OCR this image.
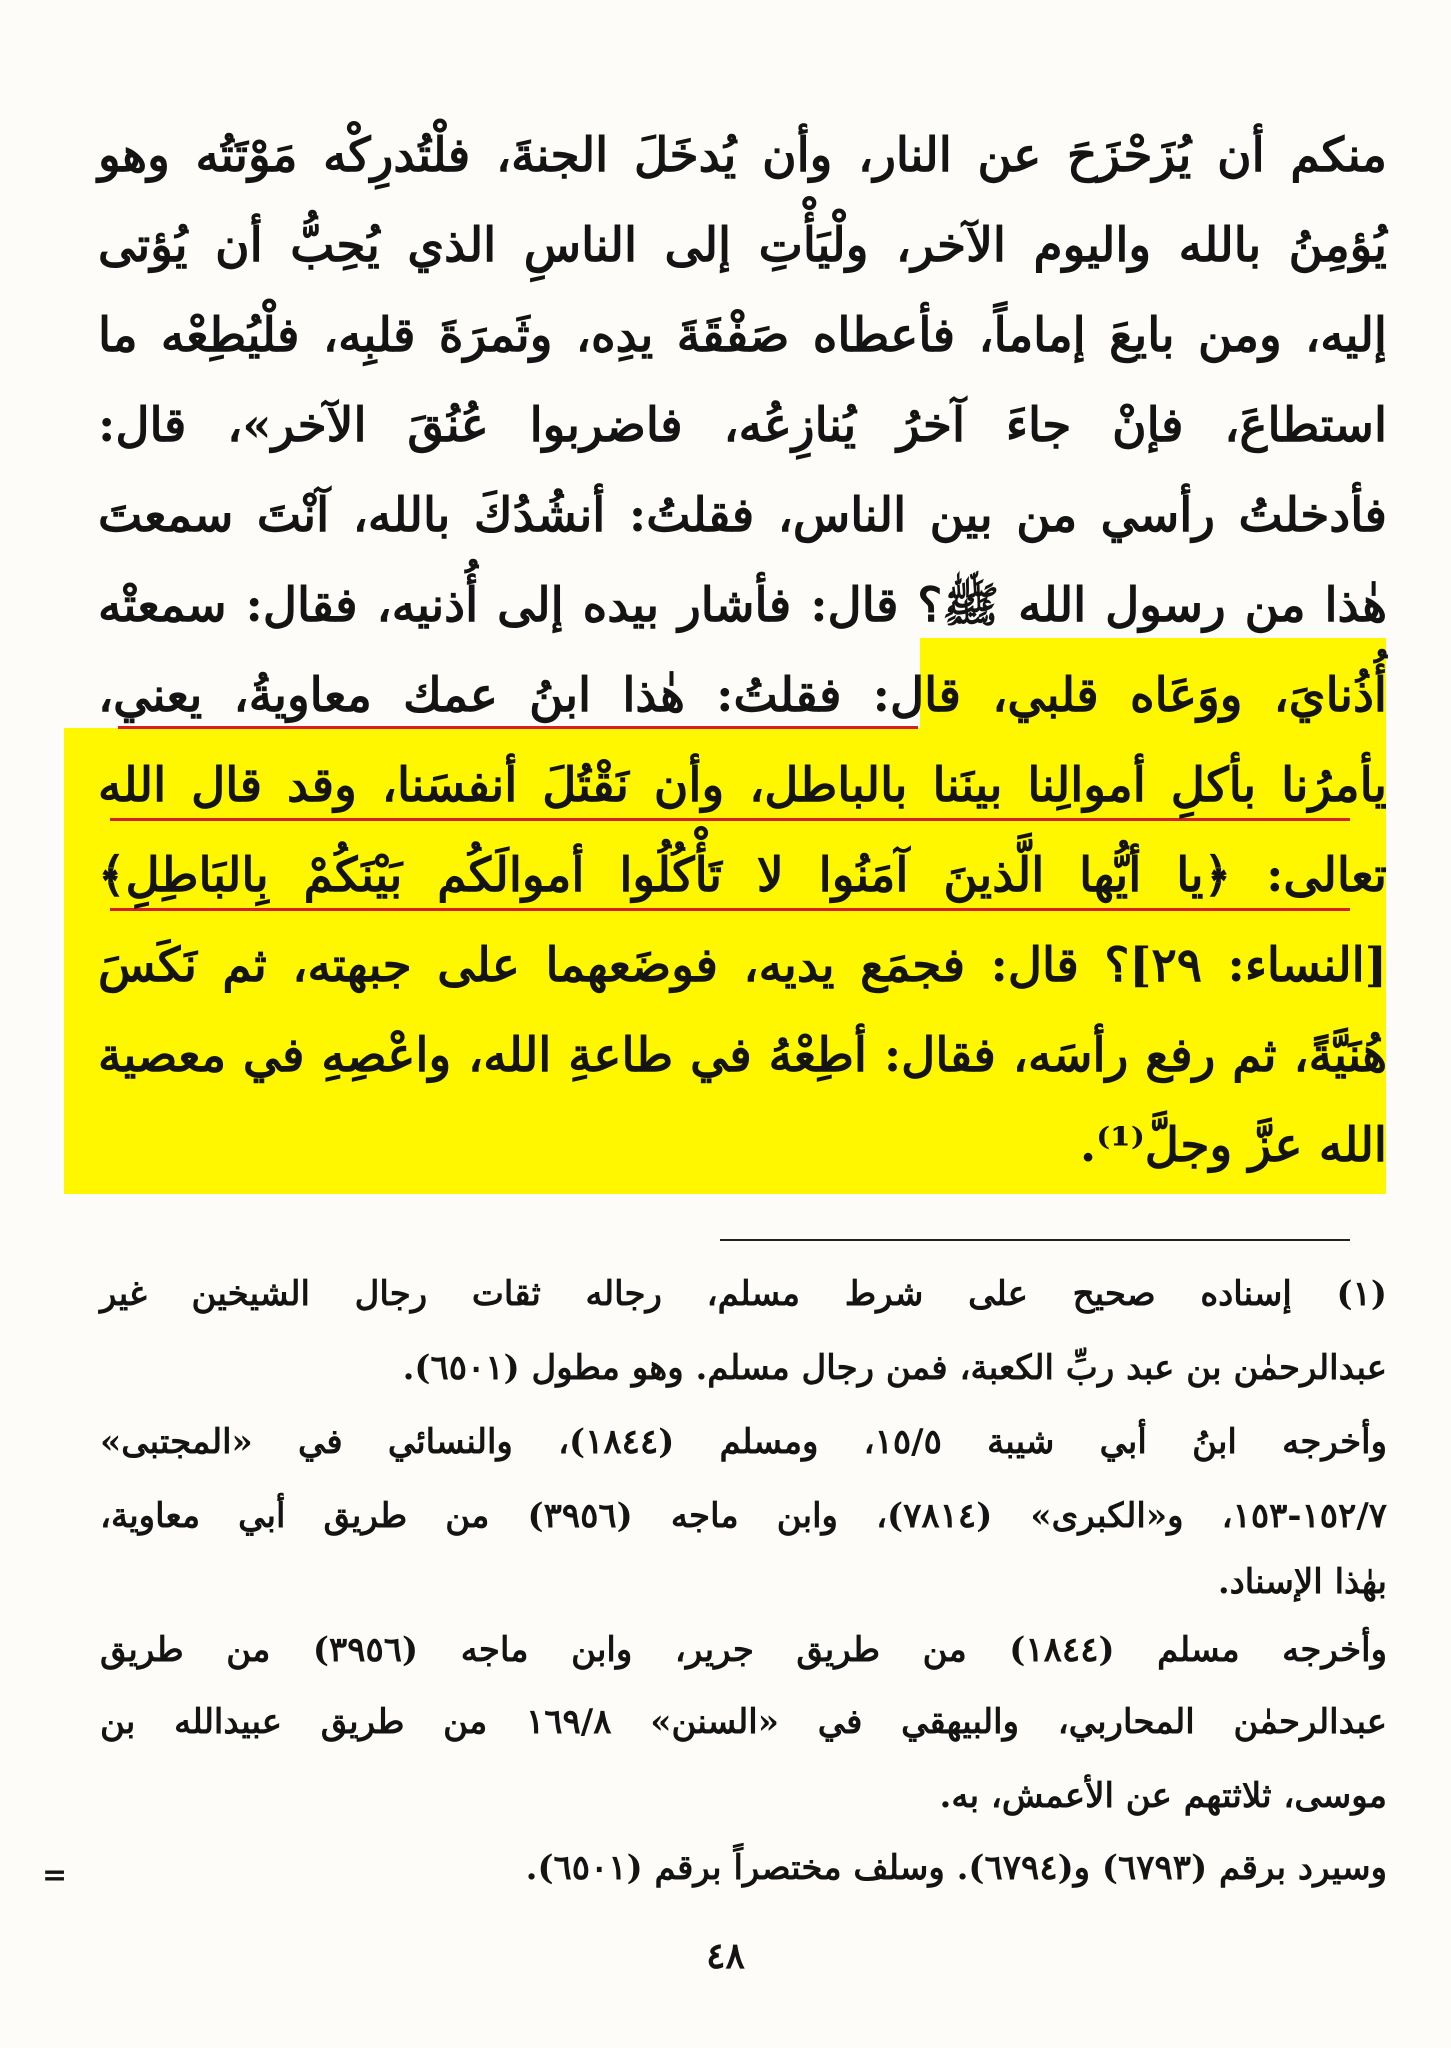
منكم أن يُزَحْزَحَ عن النار، وأن يُدخَلَ الجنةَ، فلْتُدرِكْه مَوْتَتُه وهو
يُؤمِنُ بالله واليوم الآخر، ولْيَأْتِ إلى الناسِ الذي يُحِبُّ أن يُؤتى
إليه، ومن بايعَ إماماً، فأعطاه صَفْقَةَ يدِه، وثَمرَةَ قلبِه، فلْيُطِعْه ما
استطاعَ، فإنْ جاءَ آخرُ يُنازِعُه، فاضربوا عُنُقَ الآخر»، قال:
فأدخلتُ رأسي من بين الناس، فقلتُ: أنشُدُكَ بالله، آنْتَ سمعتَ
هٰذا من رسول الله ﷺ؟ قال: فأشار بيده إلى أُذنيه، فقال: سمعتْه
أُذُنايَ، ووَعَاه قلبي، قال: فقلتُ: هٰذا ابنُ عمك معاويةُ، يعني،
يأمرُنا بأكلِ أموالِنا بينَنا بالباطل، وأن نَقْتُلَ أنفسَنا، وقد قال الله
تعالى: ﴿يا أيُّها الَّذينَ آمَنُوا لا تَأْكُلُوا أموالَكُم بَيْنَكُمْ بِالبَاطِلِ﴾
[النساء: ٢٩]؟ قال: فجمَع يديه، فوضَعهما على جبهته، ثم نَكَسَ
هُنَيَّةً، ثم رفع رأسَه، فقال: أطِعْهُ في طاعةِ الله، واعْصِهِ في معصية
الله عزَّ وجلَّ⁽¹⁾.
(١) إسناده صحيح على شرط مسلم، رجاله ثقات رجال الشيخين غير
عبدالرحمٰن بن عبد ربِّ الكعبة، فمن رجال مسلم. وهو مطول (٦٥٠١).
وأخرجه ابنُ أبي شيبة ١٥/٥، ومسلم (١٨٤٤)، والنسائي في «المجتبى»
١٥٢/٧-١٥٣، و«الكبرى» (٧٨١٤)، وابن ماجه (٣٩٥٦) من طريق أبي معاوية،
بهٰذا الإسناد.
وأخرجه مسلم (١٨٤٤) من طريق جرير، وابن ماجه (٣٩٥٦) من طريق
عبدالرحمٰن المحاربي، والبيهقي في «السنن» ١٦٩/٨ من طريق عبيدالله بن
موسى، ثلاثتهم عن الأعمش، به.
وسيرد برقم (٦٧٩٣) و(٦٧٩٤). وسلف مختصراً برقم (٦٥٠١).
=
٤٨
